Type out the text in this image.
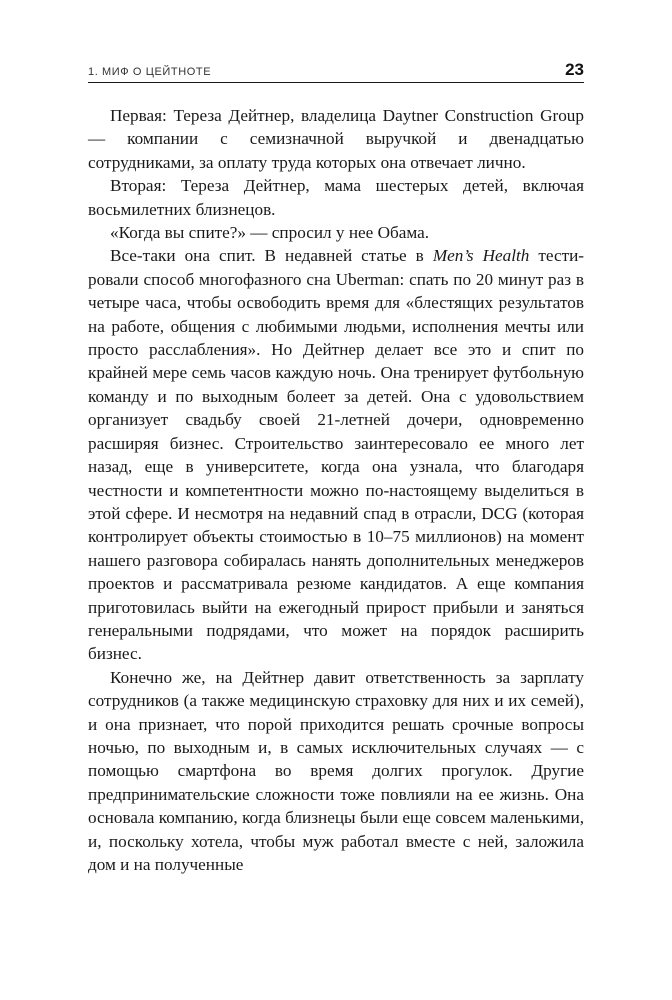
1. МИФ О ЦЕЙТНОТЕ	23

Первая: Тереза Дейтнер, владелица Daytner Construction Group — компании с семизначной выручкой и двенадцатью сотрудниками, за оплату труда которых она отвечает лично.

Вторая: Тереза Дейтнер, мама шестерых детей, включая восьмилетних близнецов.

«Когда вы спите?» — спросил у нее Обама.

Все-таки она спит. В недавней статье в Men’s Health тестировали способ многофазного сна Uberman: спать по 20 минут раз в четыре часа, чтобы освободить время для «блестящих результатов на работе, общения с любимыми людьми, исполнения мечты или просто расслабления». Но Дейтнер делает все это и спит по крайней мере семь часов каждую ночь. Она тренирует футбольную команду и по выходным болеет за детей. Она с удовольствием организует свадьбу своей 21-летней дочери, одновременно расширяя бизнес. Строительство заинтересовало ее много лет назад, еще в университете, когда она узнала, что благодаря честности и компетентности можно по-настоящему выделиться в этой сфере. И несмотря на недавний спад в отрасли, DCG (которая контролирует объекты стоимостью в 10–75 миллионов) на момент нашего разговора собиралась нанять дополнительных менеджеров проектов и рассматривала резюме кандидатов. А еще компания приготовилась выйти на ежегодный прирост прибыли и заняться генеральными подрядами, что может на порядок расширить бизнес.

Конечно же, на Дейтнер давит ответственность за зарплату сотрудников (а также медицинскую страховку для них и их семей), и она признает, что порой приходится решать срочные вопросы ночью, по выходным и, в самых исключительных случаях — с помощью смартфона во время долгих прогулок. Другие предпринимательские сложности тоже повлияли на ее жизнь. Она основала компанию, когда близнецы были еще совсем маленькими, и, поскольку хотела, чтобы муж работал вместе с ней, заложила дом и на полученные
